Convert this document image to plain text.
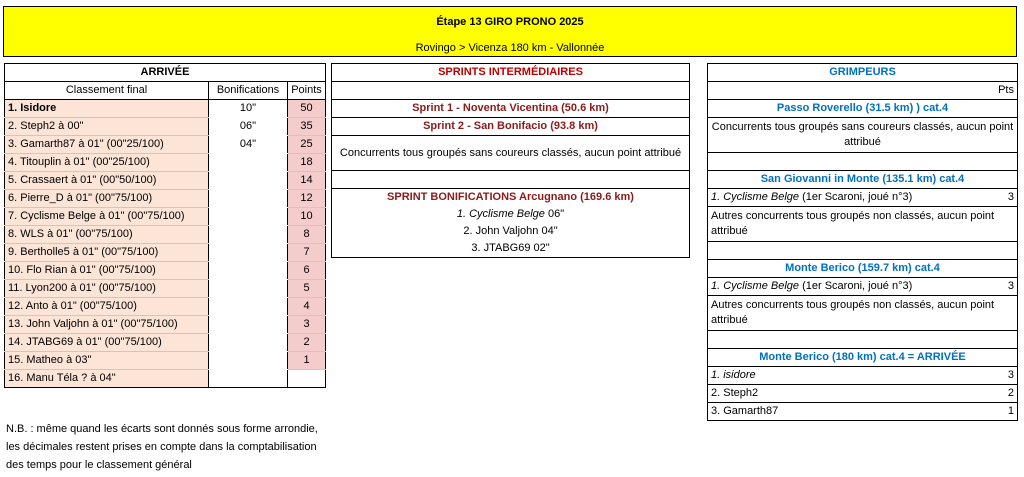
Étape 13 GIRO PRONO 2025
Rovingo > Vicenza 180 km - Vallonnée
ARRIVÉE		
Classement final	Bonifications	Points
1. Isidore	10"	50
2. Steph2 à 00"	06"	35
3. Gamarth87 à 01" (00"25/100)	04"	25
4. Titouplin à 01" (00"25/100)		18
5. Crassaert à 01" (00"50/100)		14
6. Pierre_D à 01" (00"75/100)		12
7. Cyclisme Belge à 01" (00"75/100)		10
8. WLS à 01" (00"75/100)		8
9. Bertholle5 à 01" (00"75/100)		7
10. Flo Rian à 01" (00"75/100)		6
11. Lyon200 à 01" (00"75/100)		5
12. Anto à 01" (00"75/100)		4
13. John Valjohn à 01" (00"75/100)		3
14. JTABG69 à 01" (00"75/100)		2
15. Matheo à 03"		1
16. Manu Téla ? à 04"		
SPRINTS INTERMÉDIAIRES

Sprint 1 - Noventa Vicentina (50.6 km)
Sprint 2 - San Bonifacio (93.8 km)
Concurrents tous groupés sans coureurs classés, aucun point attribué

SPRINT BONIFICATIONS Arcugnano (169.6 km)
1. Cyclisme Belge 06"
2. John Valjohn 04"
3. JTABG69 02"
GRIMPEURS
Pts
Passo Roverello (31.5 km) ) cat.4
Concurrents tous groupés sans coureurs classés, aucun point attribué

San Giovanni in Monte (135.1 km) cat.4
1. Cyclisme Belge (1er Scaroni, joué n°3)	3

Autres concurrents tous groupés non classés, aucun point attribué

Monte Berico (159.7 km) cat.4
1. Cyclisme Belge (1er Scaroni, joué n°3)	3

Autres concurrents tous groupés non classés, aucun point attribué

Monte Berico (180 km) cat.4 = ARRIVÉE
1. isidore	3

2. Steph2	2

3. Gamarth87	1
N.B. : même quand les écarts sont donnés sous forme arrondie, les décimales restent prises en compte dans la comptabilisation des temps pour le classement général
